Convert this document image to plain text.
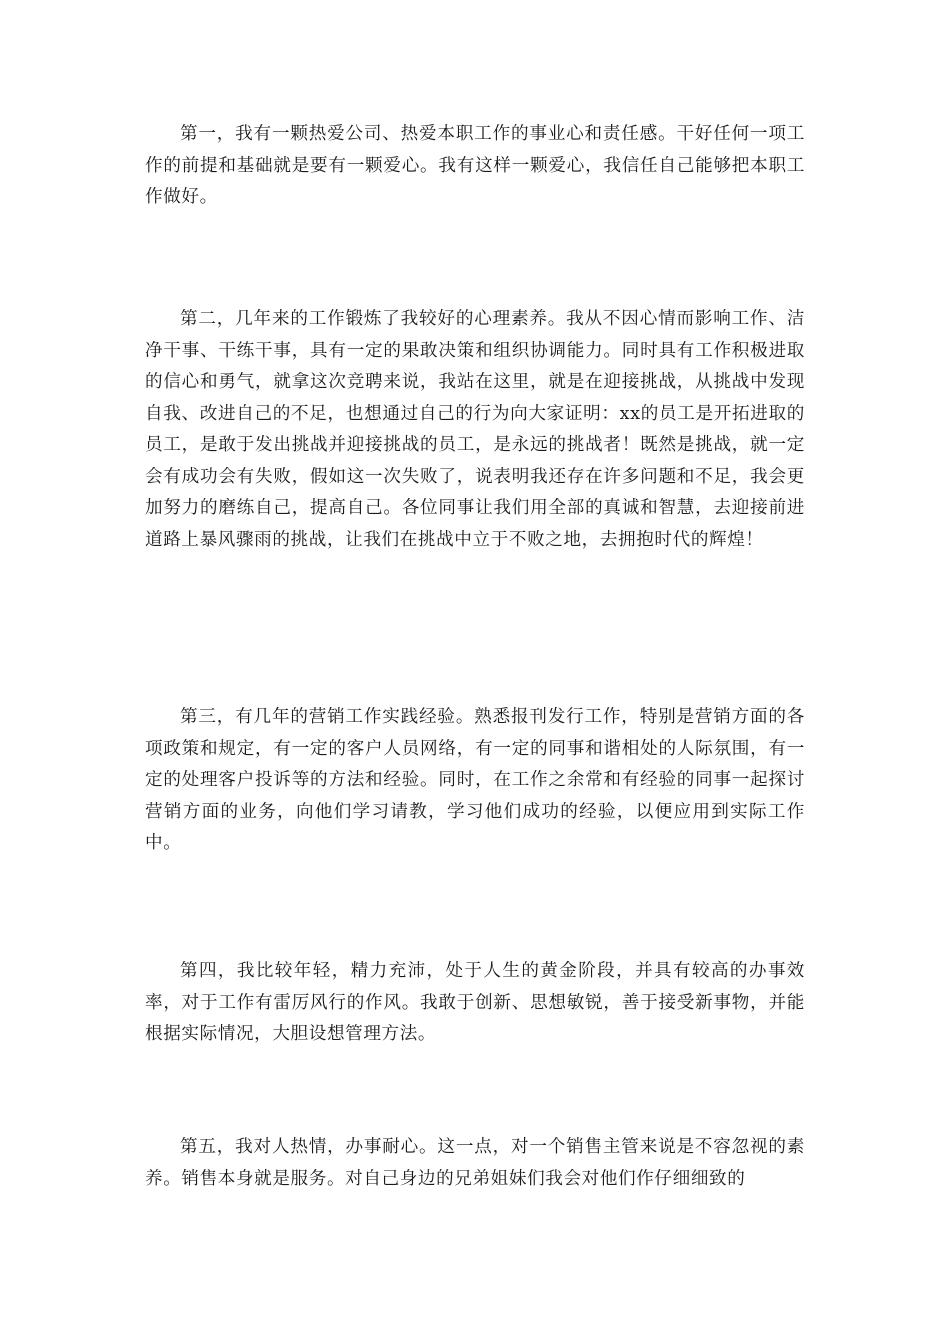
第一，我有一颗热爱公司、热爱本职工作的事业心和责任感。干好任何一项工作的前提和基础就是要有一颗爱心。我有这样一颗爱心，我信任自己能够把本职工作做好。

第二，几年来的工作锻炼了我较好的心理素养。我从不因心情而影响工作、洁净干事、干练干事，具有一定的果敢决策和组织协调能力。同时具有工作积极进取的信心和勇气，就拿这次竞聘来说，我站在这里，就是在迎接挑战，从挑战中发现自我、改进自己的不足，也想通过自己的行为向大家证明：xx的员工是开拓进取的员工，是敢于发出挑战并迎接挑战的员工，是永远的挑战者！既然是挑战，就一定会有成功会有失败，假如这一次失败了，说表明我还存在许多问题和不足，我会更加努力的磨练自己，提高自己。各位同事让我们用全部的真诚和智慧，去迎接前进道路上暴风骤雨的挑战，让我们在挑战中立于不败之地，去拥抱时代的辉煌！

第三，有几年的营销工作实践经验。熟悉报刊发行工作，特别是营销方面的各项政策和规定，有一定的客户人员网络，有一定的同事和谐相处的人际氛围，有一定的处理客户投诉等的方法和经验。同时，在工作之余常和有经验的同事一起探讨营销方面的业务，向他们学习请教，学习他们成功的经验，以便应用到实际工作中。

第四，我比较年轻，精力充沛，处于人生的黄金阶段，并具有较高的办事效率，对于工作有雷厉风行的作风。我敢于创新、思想敏锐，善于接受新事物，并能根据实际情况，大胆设想管理方法。

第五，我对人热情，办事耐心。这一点，对一个销售主管来说是不容忽视的素养。销售本身就是服务。对自己身边的兄弟姐妹们我会对他们作仔细细致的
